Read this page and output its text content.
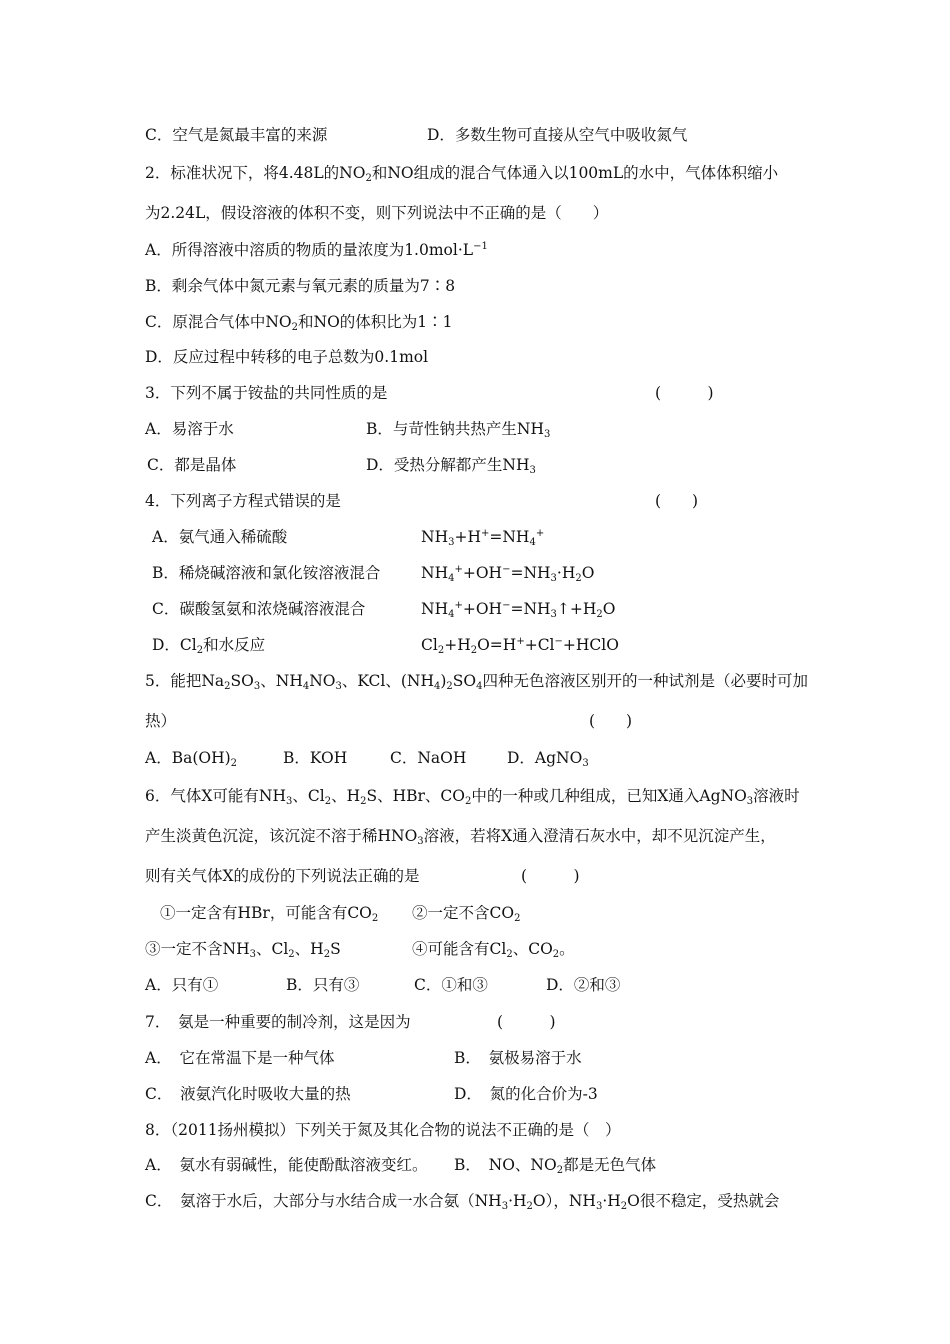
C．空气是氮最丰富的来源	D．多数生物可直接从空气中吸收氮气
2．标准状况下，将4.48L的$NO_2$和NO组成的混合气体通入以100mL的水中，气体体积缩小
为2.24L，假设溶液的体积不变，则下列说法中不正确的是（　　）
A．所得溶液中溶质的物质的量浓度为$1.0mol\cdot L^{-1}$
B．剩余气体中氮元素与氧元素的质量为7∶8
C．原混合气体中$NO_2$和NO的体积比为1∶1
D．反应过程中转移的电子总数为0.1mol
3．下列不属于铵盐的共同性质的是	(　　　)
A．易溶于水	B．与苛性钠共热产生$NH_3$
C．都是晶体	D．受热分解都产生$NH_3$
4．下列离子方程式错误的是	(　　)
A．氨气通入稀硫酸	$NH_3+H^+=NH_4^+$
B．稀烧碱溶液和氯化铵溶液混合	$NH_4^++OH^-=NH_3\cdot H_2O$
C．碳酸氢氨和浓烧碱溶液混合	$NH_4^++OH^-=NH_3↑+H_2O$
D．$Cl_2$和水反应	$Cl_2+H_2O=H^++Cl^-+HClO$
5．能把$Na_2SO_3$、$NH_4NO_3$、KCl、$(NH_4)_2SO_4$四种无色溶液区别开的一种试剂是（必要时可加
热）	(　　)
A．$Ba(OH)_2$	B．KOH	C．NaOH	D．AgNO$_3$
6．气体X可能有$NH_3$、$Cl_2$、$H_2S$、HBr、$CO_2$中的一种或几种组成，已知X通入AgNO$_3$溶液时
产生淡黄色沉淀，该沉淀不溶于稀$HNO_3$溶液，若将X通入澄清石灰水中，却不见沉淀产生，
则有关气体X的成份的下列说法正确的是	(　　　)
①一定含有HBr，可能含有$CO_2$ ②一定不含$CO_2$
③一定不含$NH_3$、$Cl_2$、$H_2S$	④可能含有$Cl_2$、$CO_2$。
A．只有①	B．只有③	C．①和③	D．②和③
7．　氨是一种重要的制冷剂，这是因为	(　　　)
A．　它在常温下是一种气体	B．　氨极易溶于水
C．　液氨汽化时吸收大量的热	D．　氮的化合价为-3
8．（2011扬州模拟）下列关于氮及其化合物的说法不正确的是（　）
A．　氨水有弱碱性，能使酚酞溶液变红。 B．　NO、$NO_2$都是无色气体
C．　氨溶于水后，大部分与水结合成一水合氨$(NH_3\cdot H_2O)$，$NH_3\cdot H_2O$很不稳定，受热就会
